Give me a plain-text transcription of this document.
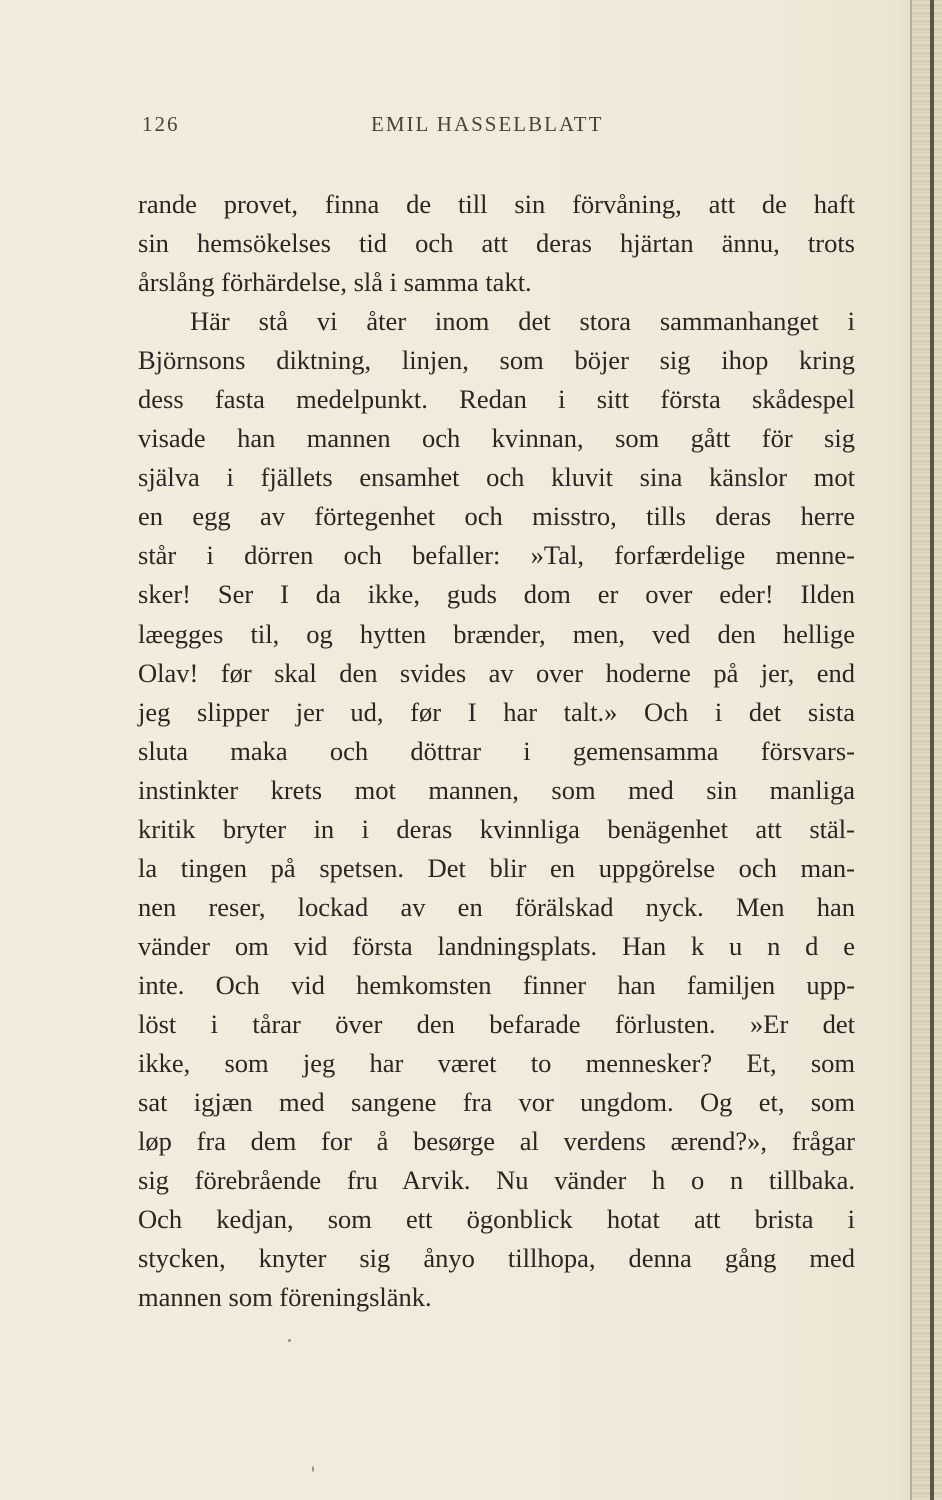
126	EMIL HASSELBLATT
rande provet, finna de till sin förvåning, att de haft
sin hemsökelses tid och att deras hjärtan ännu, trots
årslång förhärdelse, slå i samma takt.
Här stå vi åter inom det stora sammanhanget i
Björnsons diktning, linjen, som böjer sig ihop kring
dess fasta medelpunkt. Redan i sitt första skådespel
visade han mannen och kvinnan, som gått för sig
själva i fjällets ensamhet och kluvit sina känslor mot
en egg av förtegenhet och misstro, tills deras herre
står i dörren och befaller: »Tal, forfærdelige menne-
sker! Ser I da ikke, guds dom er over eder! Ilden
læegges til, og hytten brænder, men, ved den hellige
Olav! før skal den svides av over hoderne på jer, end
jeg slipper jer ud, før I har talt.» Och i det sista
sluta maka och döttrar i gemensamma försvars-
instinkter krets mot mannen, som med sin manliga
kritik bryter in i deras kvinnliga benägenhet att stäl-
la tingen på spetsen. Det blir en uppgörelse och man-
nen reser, lockad av en förälskad nyck. Men han
vänder om vid första landningsplats. Han k u n d e
inte. Och vid hemkomsten finner han familjen upp-
löst i tårar över den befarade förlusten. »Er det
ikke, som jeg har været to mennesker? Et, som
sat igjæn med sangene fra vor ungdom. Og et, som
løp fra dem for å besørge al verdens ærend?», frågar
sig förebrående fru Arvik. Nu vänder h o n tillbaka.
Och kedjan, som ett ögonblick hotat att brista i
stycken, knyter sig ånyo tillhopa, denna gång med
mannen som föreningslänk.
